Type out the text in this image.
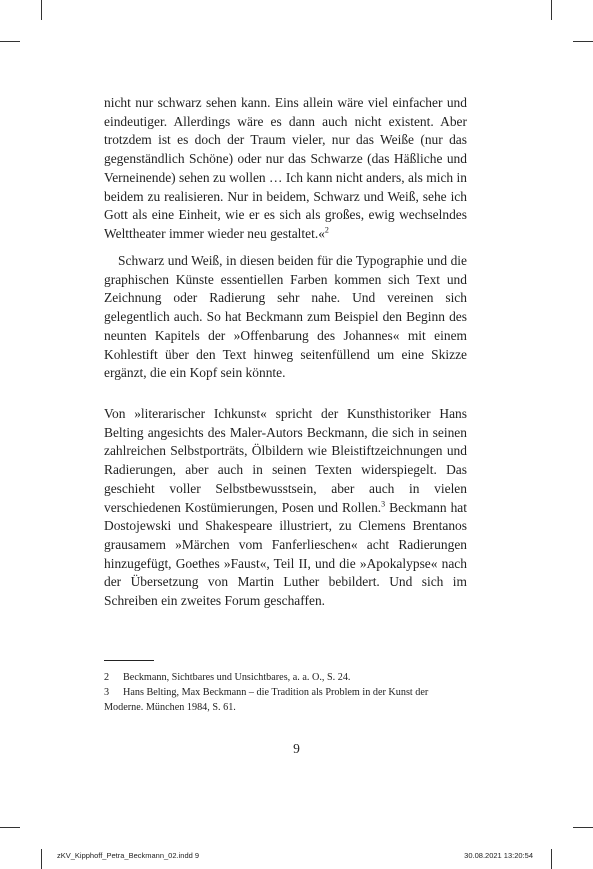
nicht nur schwarz sehen kann. Eins allein wäre viel einfacher und eindeutiger. Allerdings wäre es dann auch nicht existent. Aber trotzdem ist es doch der Traum vieler, nur das Weiße (nur das gegenständlich Schöne) oder nur das Schwarze (das Häßliche und Verneinende) sehen zu wollen … Ich kann nicht anders, als mich in beidem zu realisieren. Nur in beidem, Schwarz und Weiß, sehe ich Gott als eine Einheit, wie er es sich als großes, ewig wechselndes Welttheater immer wieder neu gestaltet.«$^2$

Schwarz und Weiß, in diesen beiden für die Typographie und die graphischen Künste essentiellen Farben kommen sich Text und Zeichnung oder Radierung sehr nahe. Und vereinen sich gelegentlich auch. So hat Beckmann zum Beispiel den Beginn des neunten Kapitels der »Offenbarung des Johannes« mit einem Kohlestift über den Text hinweg seitenfüllend um eine Skizze ergänzt, die ein Kopf sein könnte.

Von »literarischer Ichkunst« spricht der Kunsthistoriker Hans Belting angesichts des Maler-Autors Beckmann, die sich in seinen zahlreichen Selbstporträts, Ölbildern wie Bleistiftzeichnungen und Radierungen, aber auch in seinen Texten widerspiegelt. Das geschieht voller Selbstbewusstsein, aber auch in vielen verschiedenen Kostümierungen, Posen und Rollen.$^3$ Beckmann hat Dostojewski und Shakespeare illustriert, zu Clemens Brentanos grausamem »Märchen vom Fanferlieschen« acht Radierungen hinzugefügt, Goethes »Faust«, Teil II, und die »Apokalypse« nach der Übersetzung von Martin Luther bebildert. Und sich im Schreiben ein zweites Forum geschaffen.

2 Beckmann, Sichtbares und Unsichtbares, a. a. O., S. 24.

3 Hans Belting, Max Beckmann – die Tradition als Problem in der Kunst der Moderne. München 1984, S. 61.

9
zKV_Kipphoff_Petra_Beckmann_02.indd 9	30.08.2021 13:20:54
